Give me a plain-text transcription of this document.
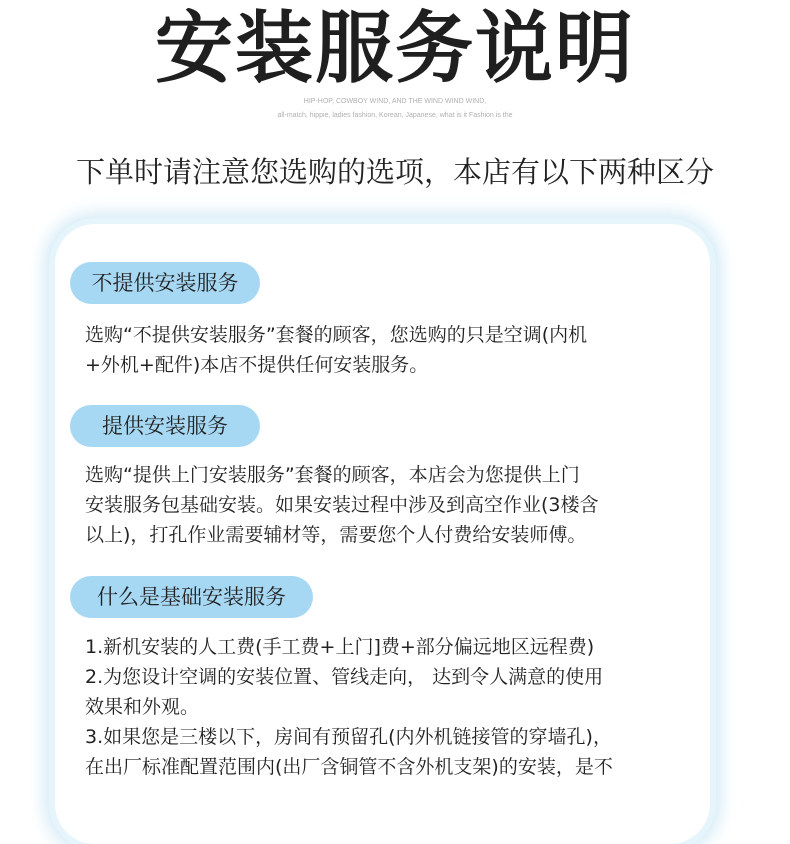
安装服务说明
HIP-HOP, COWBOY WIND, AND THE WIND WIND WIND,
all-match, hippie, ladies fashion, Korean, Japanese, what is it Fashion is the
下单时请注意您选购的选项，本店有以下两种区分
不提供安装服务
选购“不提供安装服务”套餐的顾客，您选购的只是空调(内机
+外机+配件)本店不提供任何安装服务。
提供安装服务
选购“提供上门安装服务”套餐的顾客，本店会为您提供上门
安装服务包基础安装。如果安装过程中涉及到高空作业(3楼含
以上)，打孔作业需要辅材等，需要您个人付费给安装师傅。
什么是基础安装服务
1.新机安装的人工费(手工费+上门]费+部分偏远地区远程费)
2.为您设计空调的安装位置、管线走向， 达到令人满意的使用
效果和外观。
3.如果您是三楼以下，房间有预留孔(内外机链接管的穿墙孔)，
在出厂标准配置范围内(出厂含铜管不含外机支架)的安装，是不
